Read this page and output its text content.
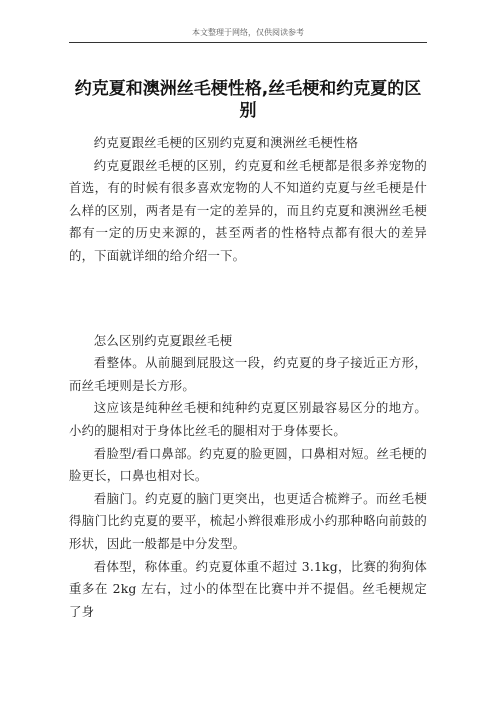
本文整理于网络，仅供阅读参考
约克夏和澳洲丝毛梗性格,丝毛梗和约克夏的区别

约克夏跟丝毛梗的区别约克夏和澳洲丝毛梗性格

约克夏跟丝毛梗的区别，约克夏和丝毛梗都是很多养宠物的首选，有的时候有很多喜欢宠物的人不知道约克夏与丝毛梗是什么样的区别，两者是有一定的差异的，而且约克夏和澳洲丝毛梗都有一定的历史来源的，甚至两者的性格特点都有很大的差异的，下面就详细的给介绍一下。

怎么区别约克夏跟丝毛梗

看整体。从前腿到屁股这一段，约克夏的身子接近正方形，而丝毛埂则是长方形。

这应该是纯种丝毛梗和纯种约克夏区别最容易区分的地方。小约的腿相对于身体比丝毛的腿相对于身体要长。

看脸型/看口鼻部。约克夏的脸更圆，口鼻相对短。丝毛梗的脸更长，口鼻也相对长。

看脑门。约克夏的脑门更突出，也更适合梳辫子。而丝毛梗得脑门比约克夏的要平，梳起小辫很难形成小约那种略向前鼓的形状，因此一般都是中分发型。

看体型，称体重。约克夏体重不超过 3.1kg，比赛的狗狗体重多在 2kg 左右，过小的体型在比赛中并不提倡。丝毛梗规定了身
